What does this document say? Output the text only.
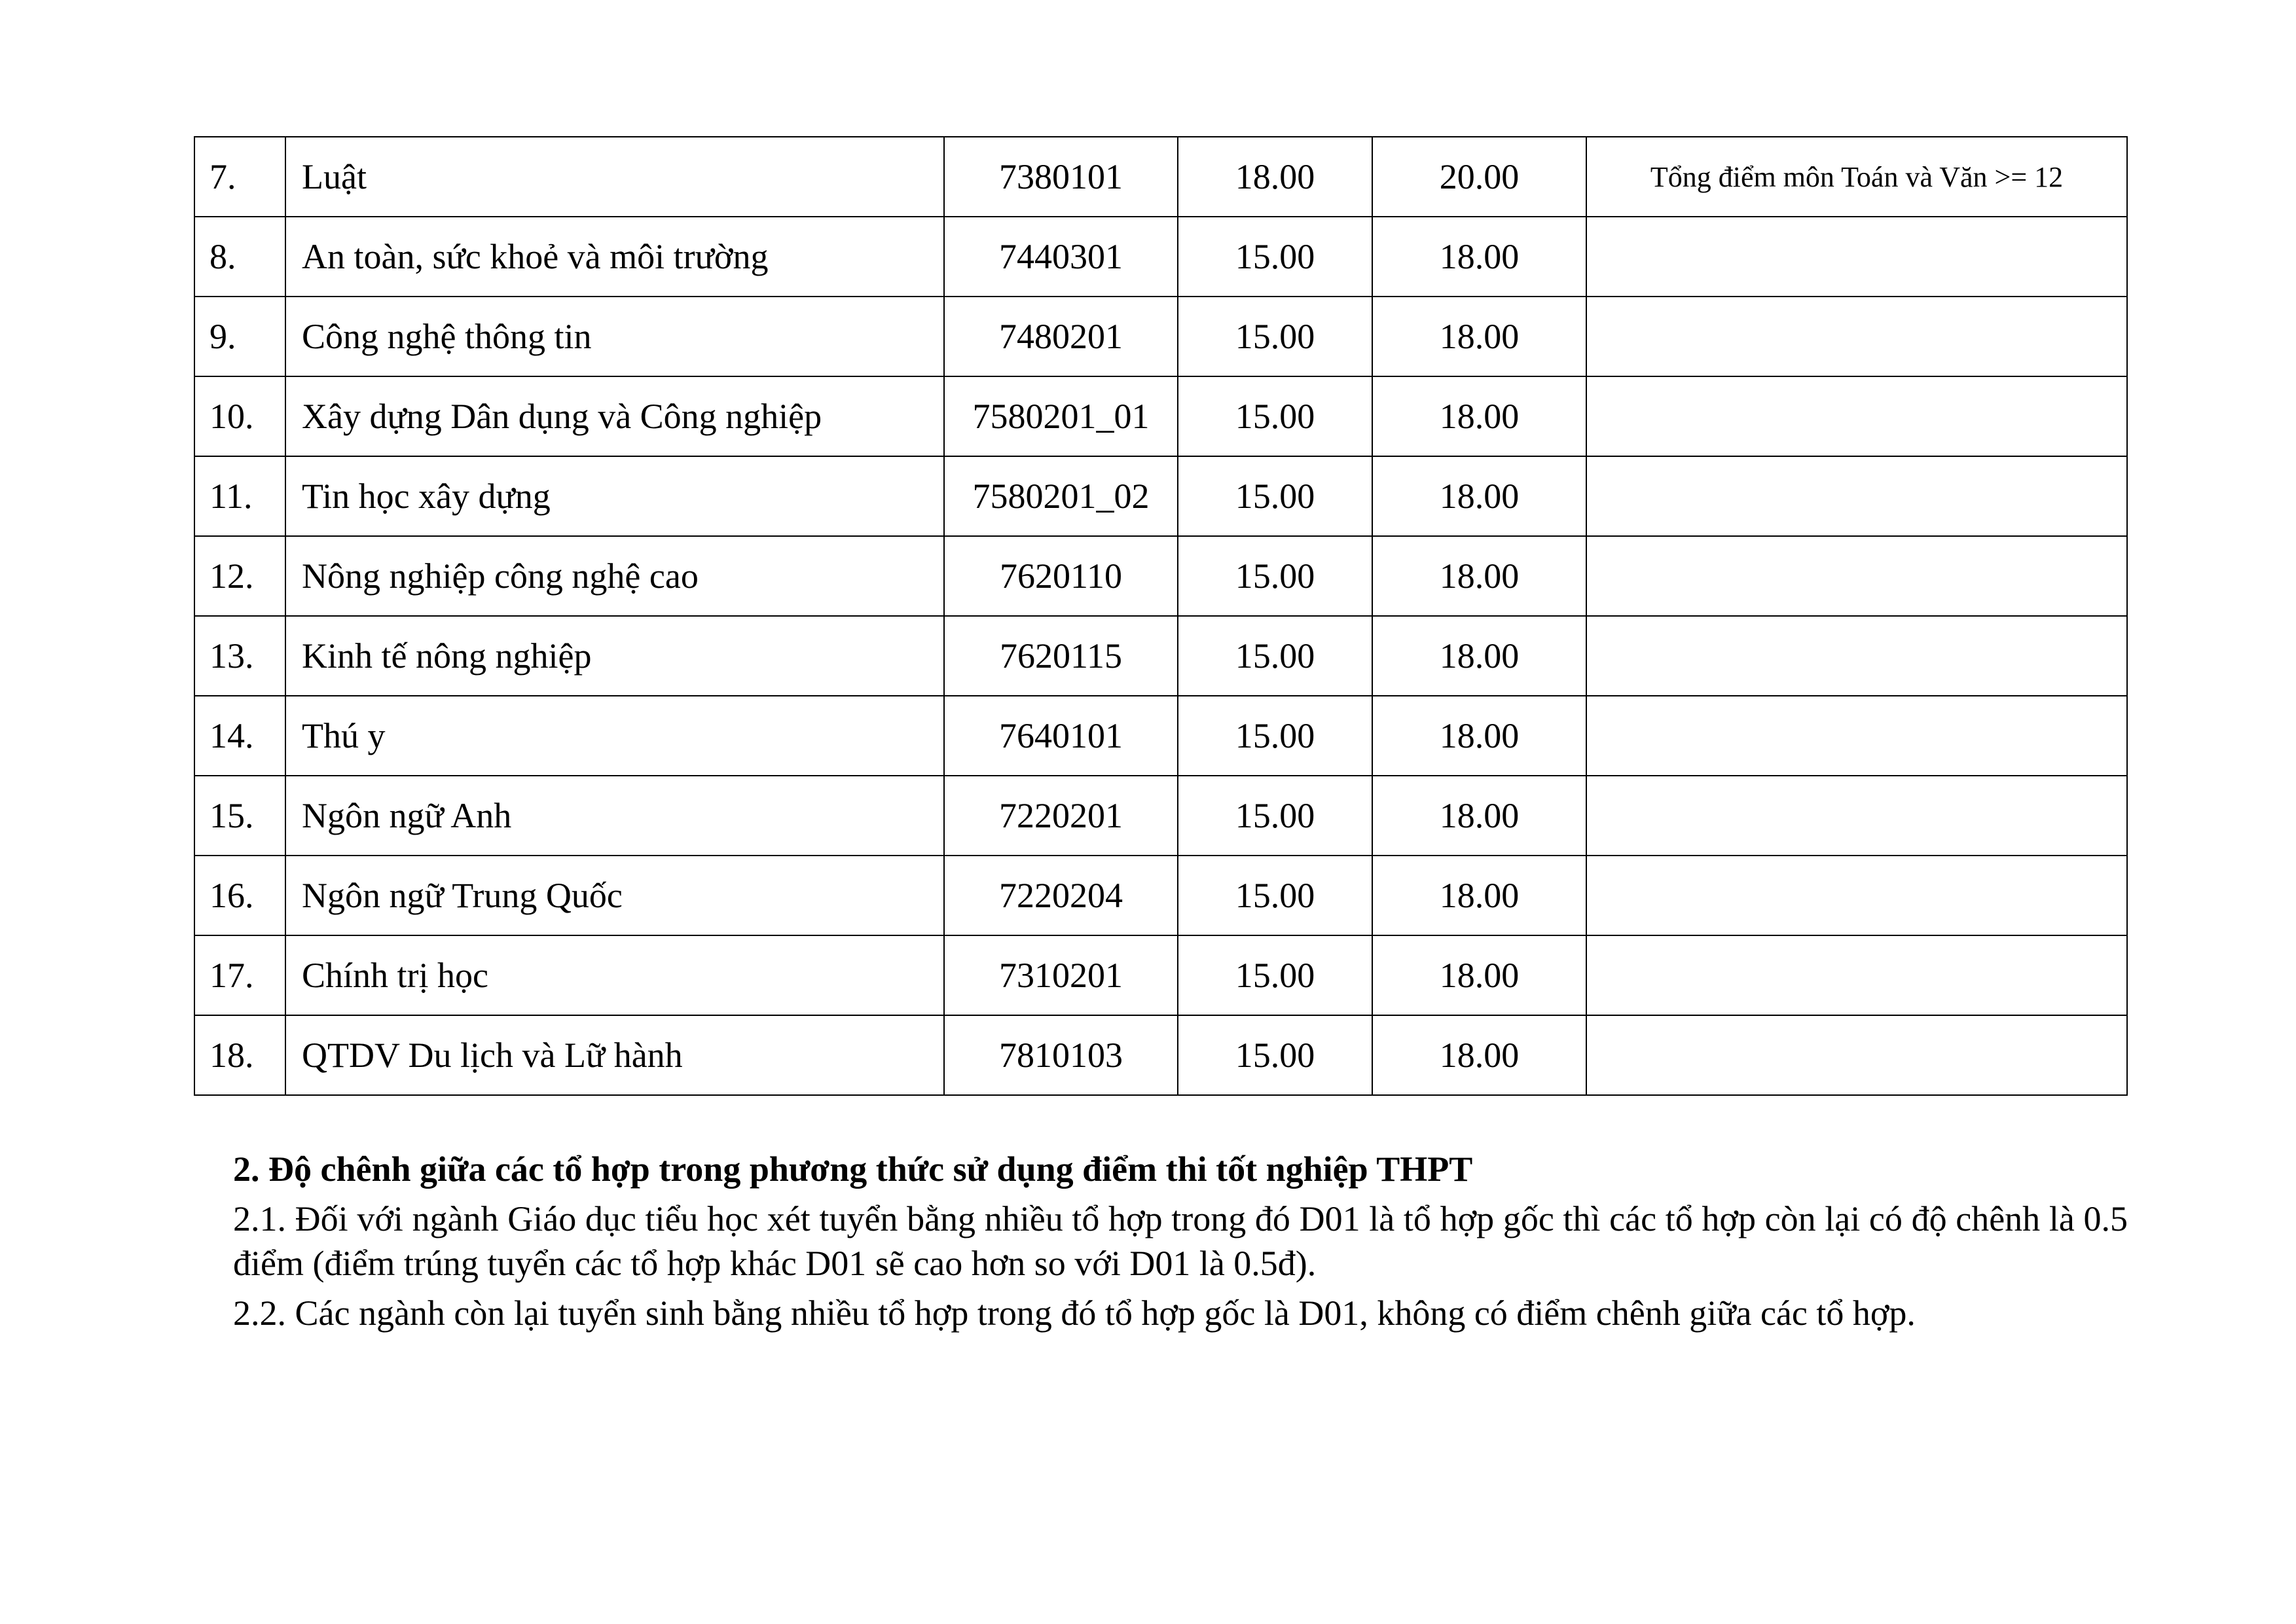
7.	Luật	7380101	18.00	20.00	Tổng điểm môn Toán và Văn >= 12
8.	An toàn, sức khoẻ và môi trường	7440301	15.00	18.00	
9.	Công nghệ thông tin	7480201	15.00	18.00	
10.	Xây dựng Dân dụng và Công nghiệp	7580201_01	15.00	18.00	
11.	Tin học xây dựng	7580201_02	15.00	18.00	
12.	Nông nghiệp công nghệ cao	7620110	15.00	18.00	
13.	Kinh tế nông nghiệp	7620115	15.00	18.00	
14.	Thú y	7640101	15.00	18.00	
15.	Ngôn ngữ Anh	7220201	15.00	18.00	
16.	Ngôn ngữ Trung Quốc	7220204	15.00	18.00	
17.	Chính trị học	7310201	15.00	18.00	
18.	QTDV Du lịch và Lữ hành	7810103	15.00	18.00	
2. Độ chênh giữa các tổ hợp trong phương thức sử dụng điểm thi tốt nghiệp THPT

2.1. Đối với ngành Giáo dục tiểu học xét tuyển bằng nhiều tổ hợp trong đó D01 là tổ hợp gốc thì các tổ hợp còn lại có độ chênh là 0.5 điểm (điểm trúng tuyển các tổ hợp khác D01 sẽ cao hơn so với D01 là 0.5đ).

2.2. Các ngành còn lại tuyển sinh bằng nhiều tổ hợp trong đó tổ hợp gốc là D01, không có điểm chênh giữa các tổ hợp.
